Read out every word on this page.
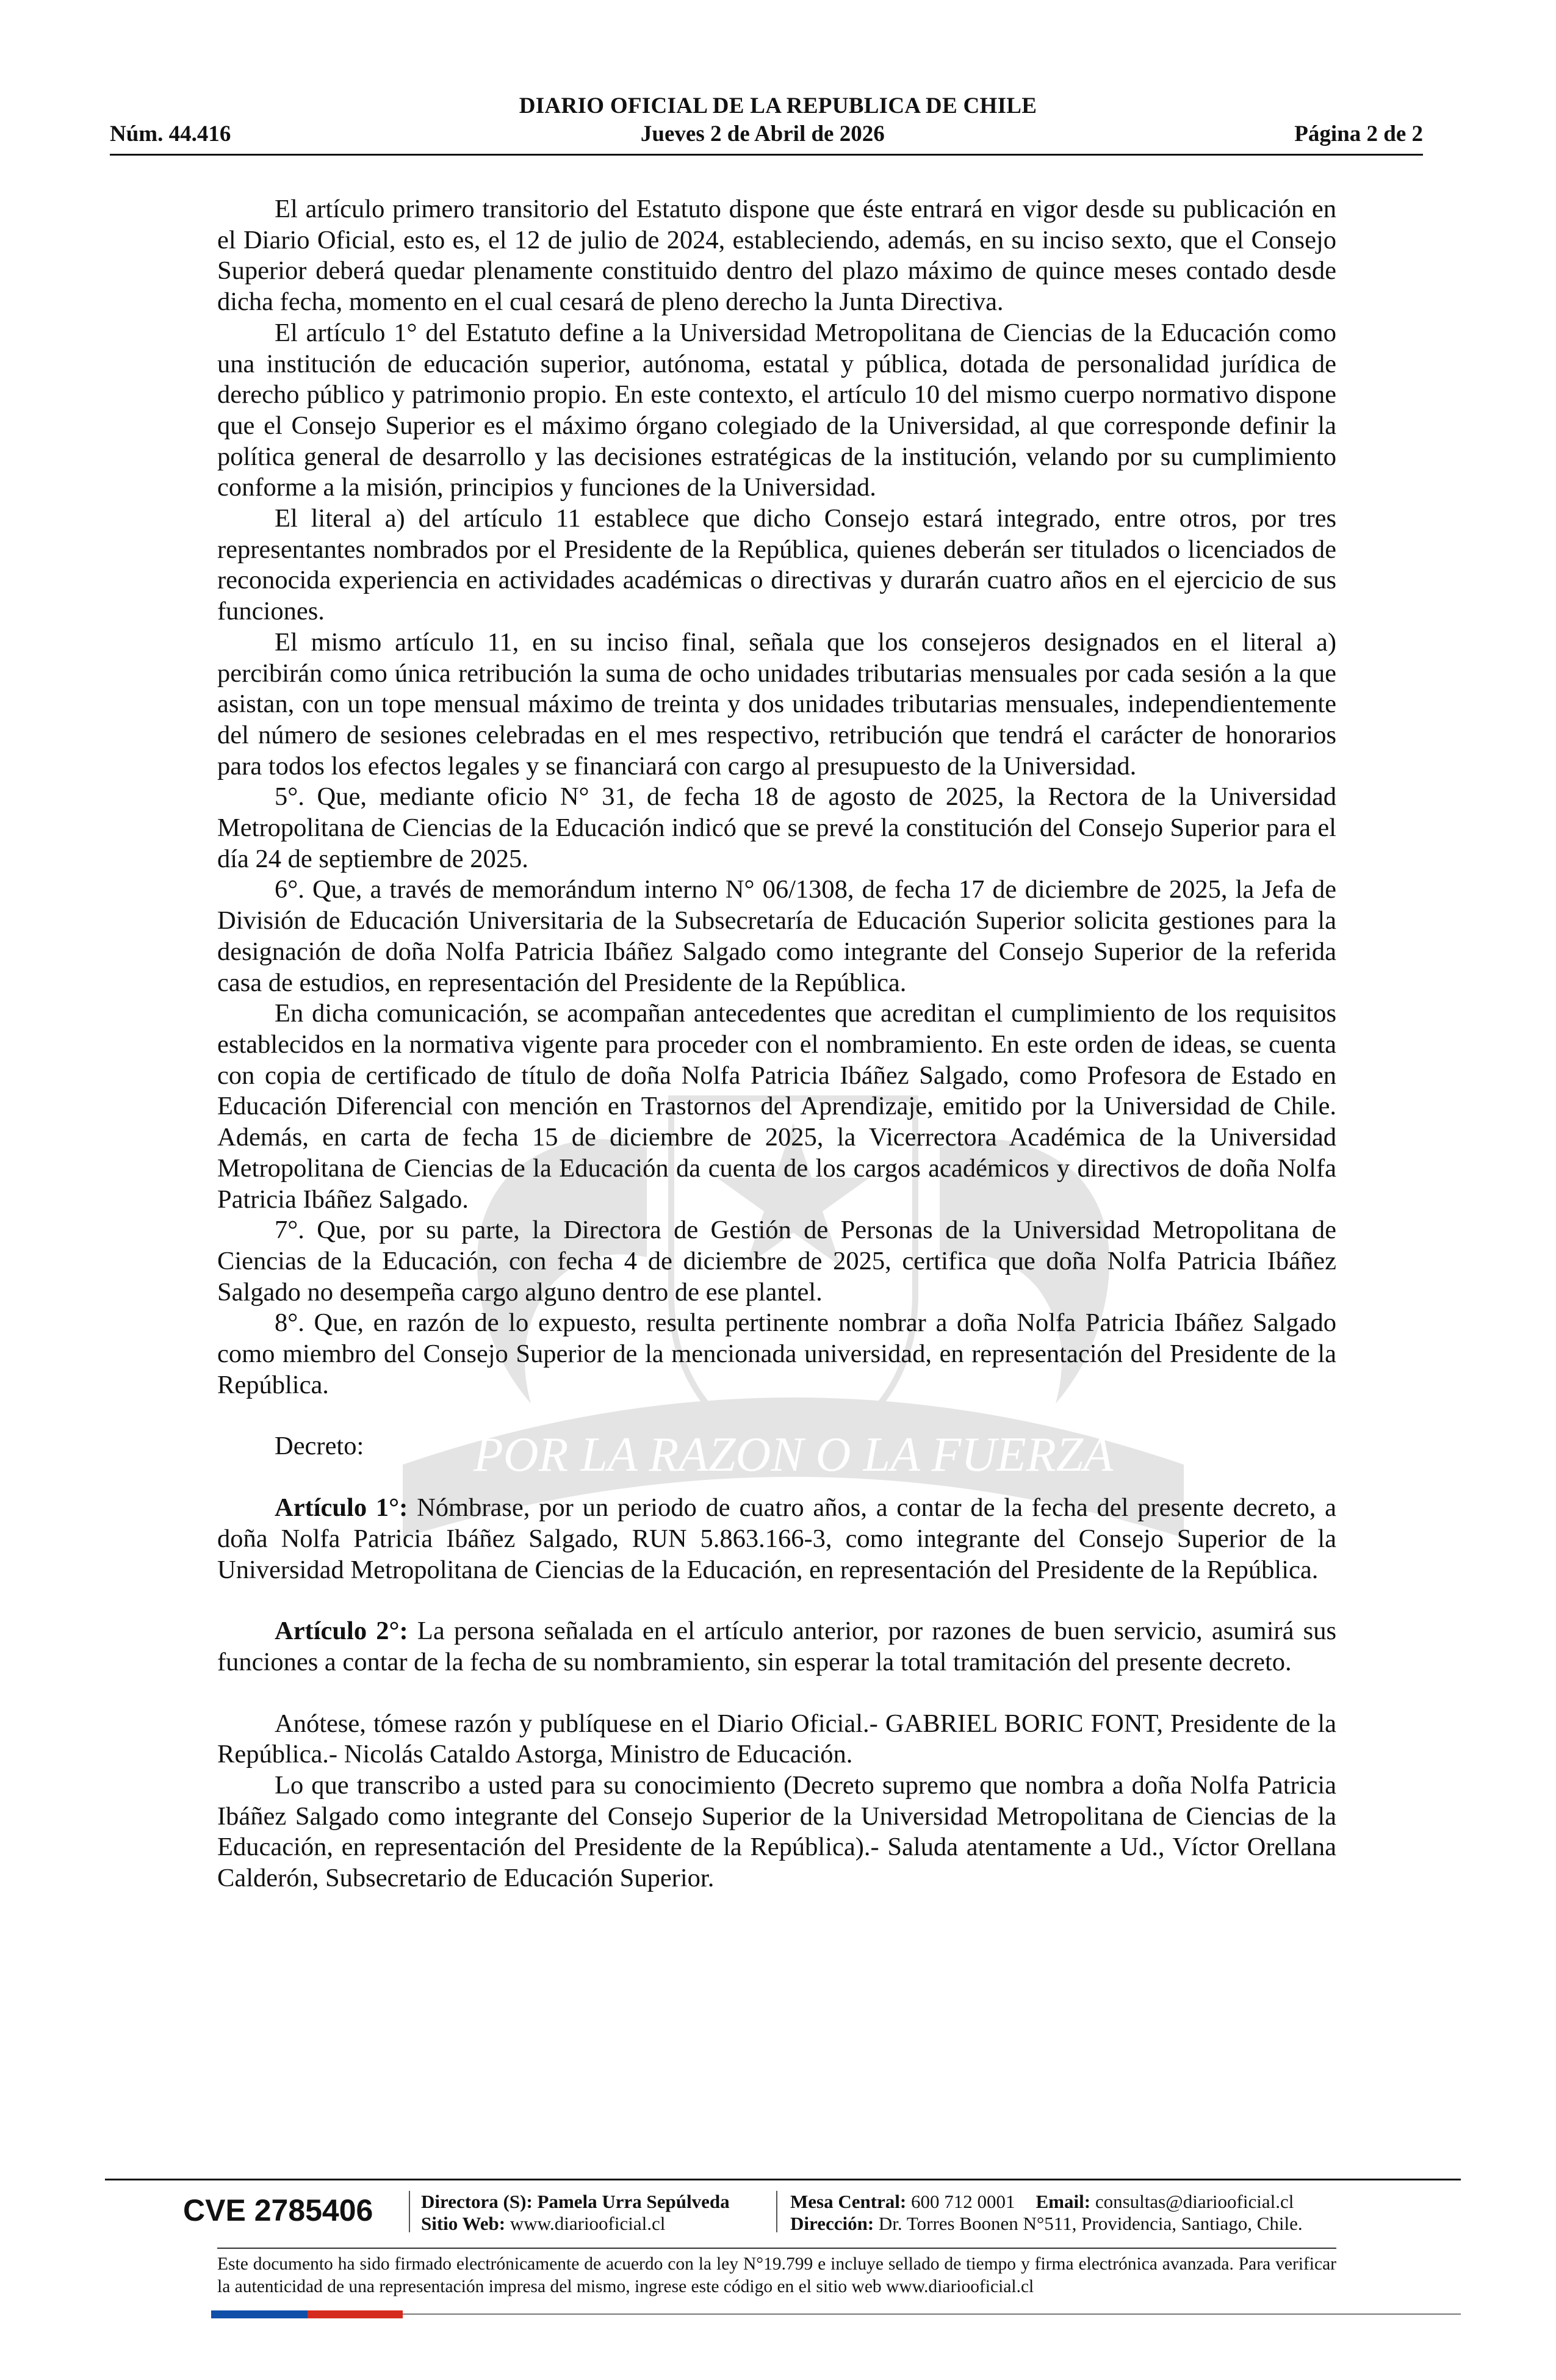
POR LA RAZON O LA FUERZA
DIARIO OFICIAL DE LA REPUBLICA DE CHILE
Núm. 44.416	Jueves 2 de Abril de 2026	Página 2 de 2

El artículo primero transitorio del Estatuto dispone que éste entrará en vigor desde su publicación en el Diario Oficial, esto es, el 12 de julio de 2024, estableciendo, además, en su inciso sexto, que el Consejo Superior deberá quedar plenamente constituido dentro del plazo máximo de quince meses contado desde dicha fecha, momento en el cual cesará de pleno derecho la Junta Directiva.

El artículo 1° del Estatuto define a la Universidad Metropolitana de Ciencias de la Educación como una institución de educación superior, autónoma, estatal y pública, dotada de personalidad jurídica de derecho público y patrimonio propio. En este contexto, el artículo 10 del mismo cuerpo normativo dispone que el Consejo Superior es el máximo órgano colegiado de la Universidad, al que corresponde definir la política general de desarrollo y las decisiones estratégicas de la institución, velando por su cumplimiento conforme a la misión, principios y funciones de la Universidad.

El literal a) del artículo 11 establece que dicho Consejo estará integrado, entre otros, por tres representantes nombrados por el Presidente de la República, quienes deberán ser titulados o licenciados de reconocida experiencia en actividades académicas o directivas y durarán cuatro años en el ejercicio de sus funciones.

El mismo artículo 11, en su inciso final, señala que los consejeros designados en el literal a) percibirán como única retribución la suma de ocho unidades tributarias mensuales por cada sesión a la que asistan, con un tope mensual máximo de treinta y dos unidades tributarias mensuales, independientemente del número de sesiones celebradas en el mes respectivo, retribución que tendrá el carácter de honorarios para todos los efectos legales y se financiará con cargo al presupuesto de la Universidad.

5°. Que, mediante oficio N° 31, de fecha 18 de agosto de 2025, la Rectora de la Universidad Metropolitana de Ciencias de la Educación indicó que se prevé la constitución del Consejo Superior para el día 24 de septiembre de 2025.

6°. Que, a través de memorándum interno N° 06/1308, de fecha 17 de diciembre de 2025, la Jefa de División de Educación Universitaria de la Subsecretaría de Educación Superior solicita gestiones para la designación de doña Nolfa Patricia Ibáñez Salgado como integrante del Consejo Superior de la referida casa de estudios, en representación del Presidente de la República.

En dicha comunicación, se acompañan antecedentes que acreditan el cumplimiento de los requisitos establecidos en la normativa vigente para proceder con el nombramiento. En este orden de ideas, se cuenta con copia de certificado de título de doña Nolfa Patricia Ibáñez Salgado, como Profesora de Estado en Educación Diferencial con mención en Trastornos del Aprendizaje, emitido por la Universidad de Chile. Además, en carta de fecha 15 de diciembre de 2025, la Vicerrectora Académica de la Universidad Metropolitana de Ciencias de la Educación da cuenta de los cargos académicos y directivos de doña Nolfa Patricia Ibáñez Salgado.

7°. Que, por su parte, la Directora de Gestión de Personas de la Universidad Metropolitana de Ciencias de la Educación, con fecha 4 de diciembre de 2025, certifica que doña Nolfa Patricia Ibáñez Salgado no desempeña cargo alguno dentro de ese plantel.

8°. Que, en razón de lo expuesto, resulta pertinente nombrar a doña Nolfa Patricia Ibáñez Salgado como miembro del Consejo Superior de la mencionada universidad, en representación del Presidente de la República.

Decreto:

Artículo 1°: Nómbrase, por un periodo de cuatro años, a contar de la fecha del presente decreto, a doña Nolfa Patricia Ibáñez Salgado, RUN 5.863.166-3, como integrante del Consejo Superior de la Universidad Metropolitana de Ciencias de la Educación, en representación del Presidente de la República.

Artículo 2°: La persona señalada en el artículo anterior, por razones de buen servicio, asumirá sus funciones a contar de la fecha de su nombramiento, sin esperar la total tramitación del presente decreto.

Anótese, tómese razón y publíquese en el Diario Oficial.- GABRIEL BORIC FONT, Presidente de la República.- Nicolás Cataldo Astorga, Ministro de Educación.

Lo que transcribo a usted para su conocimiento (Decreto supremo que nombra a doña Nolfa Patricia Ibáñez Salgado como integrante del Consejo Superior de la Universidad Metropolitana de Ciencias de la Educación, en representación del Presidente de la República).- Saluda atentamente a Ud., Víctor Orellana Calderón, Subsecretario de Educación Superior.

CVE 2785406	Directora (S): Pamela Urra Sepúlveda
Sitio Web: www.diariooficial.cl
Mesa Central: 600 712 0001 Email: consultas@diariooficial.cl
Dirección: Dr. Torres Boonen N°511, Providencia, Santiago, Chile.
Este documento ha sido firmado electrónicamente de acuerdo con la ley N°19.799 e incluye sellado de tiempo y firma electrónica avanzada. Para verificar la autenticidad de una representación impresa del mismo, ingrese este código en el sitio web www.diariooficial.cl
